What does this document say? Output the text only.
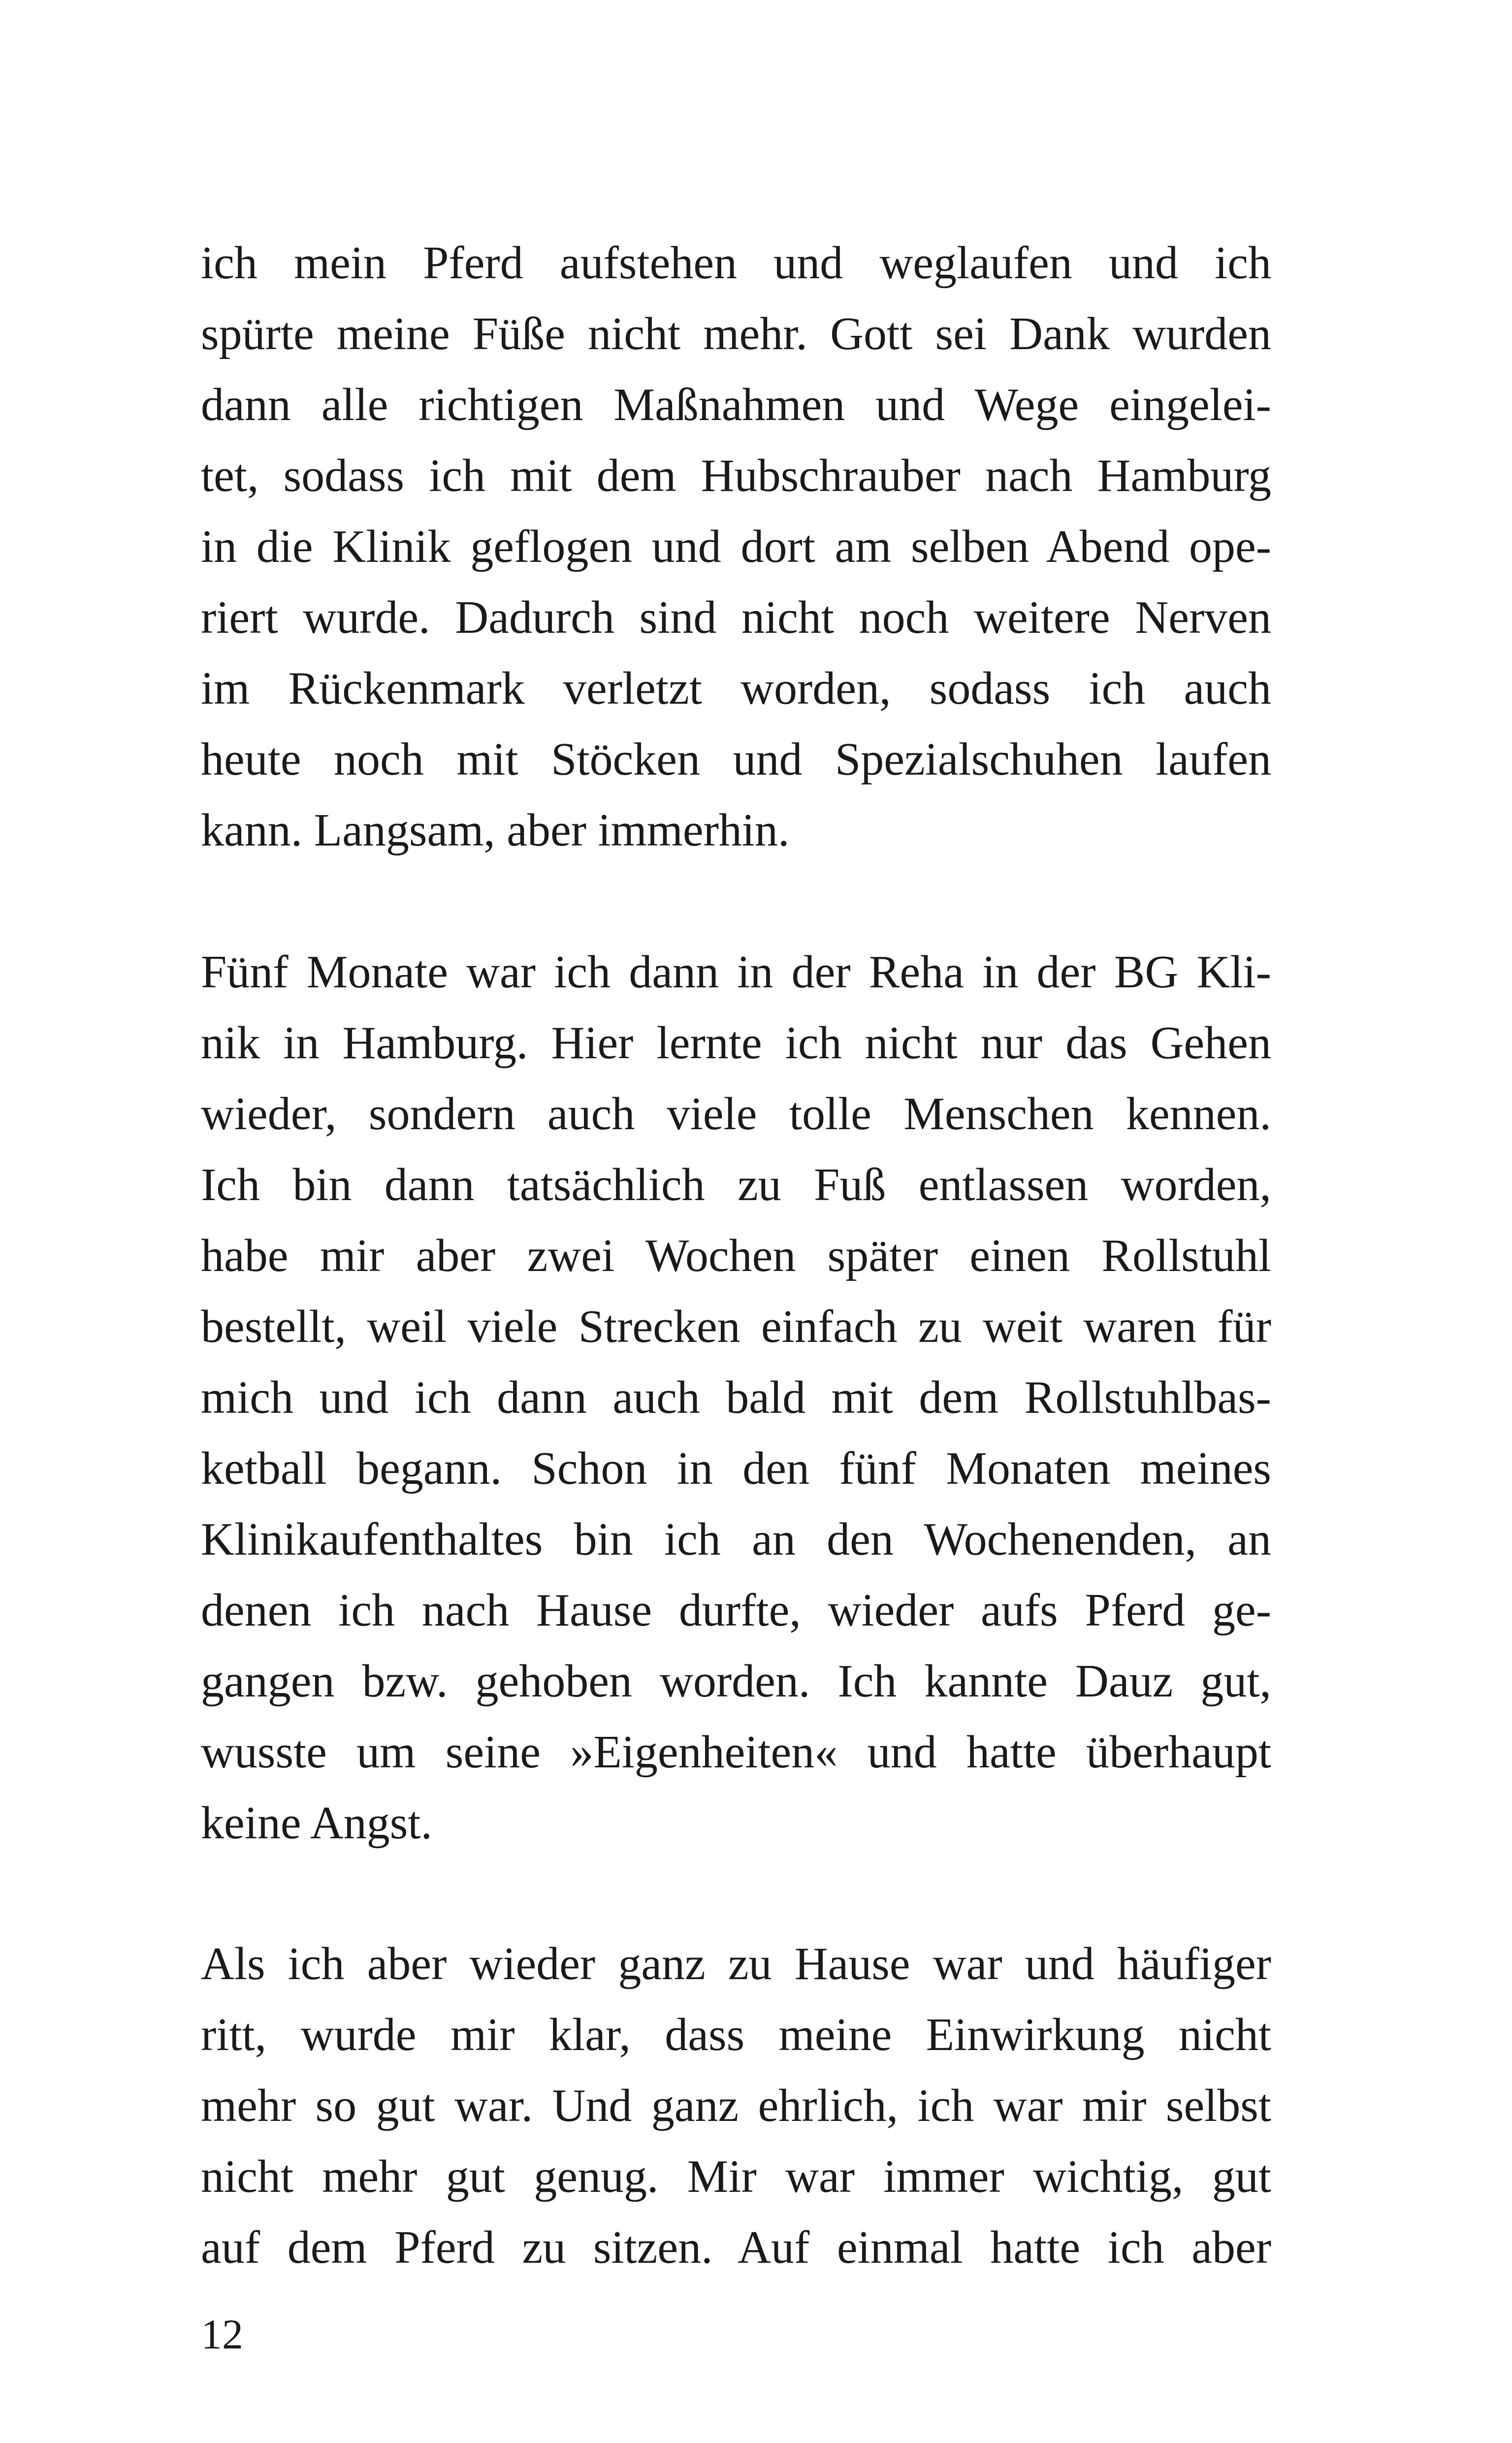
ich mein Pferd aufstehen und weglaufen und ich
spürte meine Füße nicht mehr. Gott sei Dank wurden
dann alle richtigen Maßnahmen und Wege eingelei-
tet, sodass ich mit dem Hubschrauber nach Hamburg
in die Klinik geflogen und dort am selben Abend ope-
riert wurde. Dadurch sind nicht noch weitere Nerven
im Rückenmark verletzt worden, sodass ich auch
heute noch mit Stöcken und Spezialschuhen laufen
kann. Langsam, aber immerhin.
Fünf Monate war ich dann in der Reha in der BG Kli-
nik in Hamburg. Hier lernte ich nicht nur das Gehen
wieder, sondern auch viele tolle Menschen kennen.
Ich bin dann tatsächlich zu Fuß entlassen worden,
habe mir aber zwei Wochen später einen Rollstuhl
bestellt, weil viele Strecken einfach zu weit waren für
mich und ich dann auch bald mit dem Rollstuhlbas-
ketball begann. Schon in den fünf Monaten meines
Klinikaufenthaltes bin ich an den Wochenenden, an
denen ich nach Hause durfte, wieder aufs Pferd ge-
gangen bzw. gehoben worden. Ich kannte Dauz gut,
wusste um seine »Eigenheiten« und hatte überhaupt
keine Angst.
Als ich aber wieder ganz zu Hause war und häufiger
ritt, wurde mir klar, dass meine Einwirkung nicht
mehr so gut war. Und ganz ehrlich, ich war mir selbst
nicht mehr gut genug. Mir war immer wichtig, gut
auf dem Pferd zu sitzen. Auf einmal hatte ich aber
12
